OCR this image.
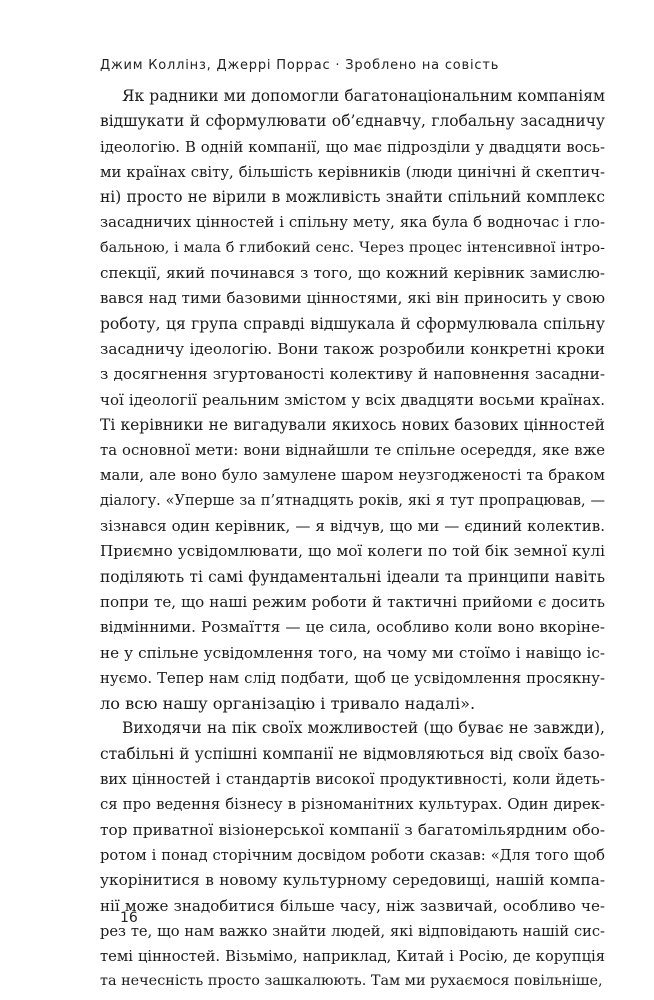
Джим Коллінз, Джеррі Поррас · Зроблено на совість
Як радники ми допомогли багатонаціональним компаніям
відшукати й сформулювати об’єднавчу, глобальну засадничу
ідеологію. В одній компанії, що має підрозділи у двадцяти вось-
ми країнах світу, більшість керівників (люди цинічні й скептич-
ні) просто не вірили в можливість знайти спільний комплекс
засадничих цінностей і спільну мету, яка була б водночас і гло-
бальною, і мала б глибокий сенс. Через процес інтенсивної інтро-
спекції, який починався з того, що кожний керівник замислю-
вався над тими базовими цінностями, які він приносить у свою
роботу, ця група справді відшукала й сформулювала спільну
засадничу ідеологію. Вони також розробили конкретні кроки
з досягнення згуртованості колективу й наповнення засадни-
чої ідеології реальним змістом у всіх двадцяти восьми країнах.
Ті керівники не вигадували якихось нових базових цінностей
та основної мети: вони віднайшли те спільне осереддя, яке вже
мали, але воно було замулене шаром неузгодженості та браком
діалогу. «Уперше за п’ятнадцять років, які я тут пропрацював, —
зізнався один керівник, — я відчув, що ми — єдиний колектив.
Приємно усвідомлювати, що мої колеги по той бік земної кулі
поділяють ті самі фундаментальні ідеали та принципи навіть
попри те, що наші режим роботи й тактичні прийоми є досить
відмінними. Розмаїття — це сила, особливо коли воно вкоріне-
не у спільне усвідомлення того, на чому ми стоїмо і навіщо іс-
нуємо. Тепер нам слід подбати, щоб це усвідомлення просякну-
ло всю нашу організацію і тривало надалі».
Виходячи на пік своїх можливостей (що буває не завжди),
стабільні й успішні компанії не відмовляються від своїх базо-
вих цінностей і стандартів високої продуктивності, коли йдеть-
ся про ведення бізнесу в різноманітних культурах. Один дирек-
тор приватної візіонерської компанії з багатомільярдним обо-
ротом і понад сторічним досвідом роботи сказав: «Для того щоб
укорінитися в новому культурному середовищі, нашій компа-
нії може знадобитися більше часу, ніж зазвичай, особливо че-
рез те, що нам важко знайти людей, які відповідають нашій сис-
темі цінностей. Візьмімо, наприклад, Китай і Росію, де корупція
та нечесність просто зашкалюють. Там ми рухаємося повільніше,
16
